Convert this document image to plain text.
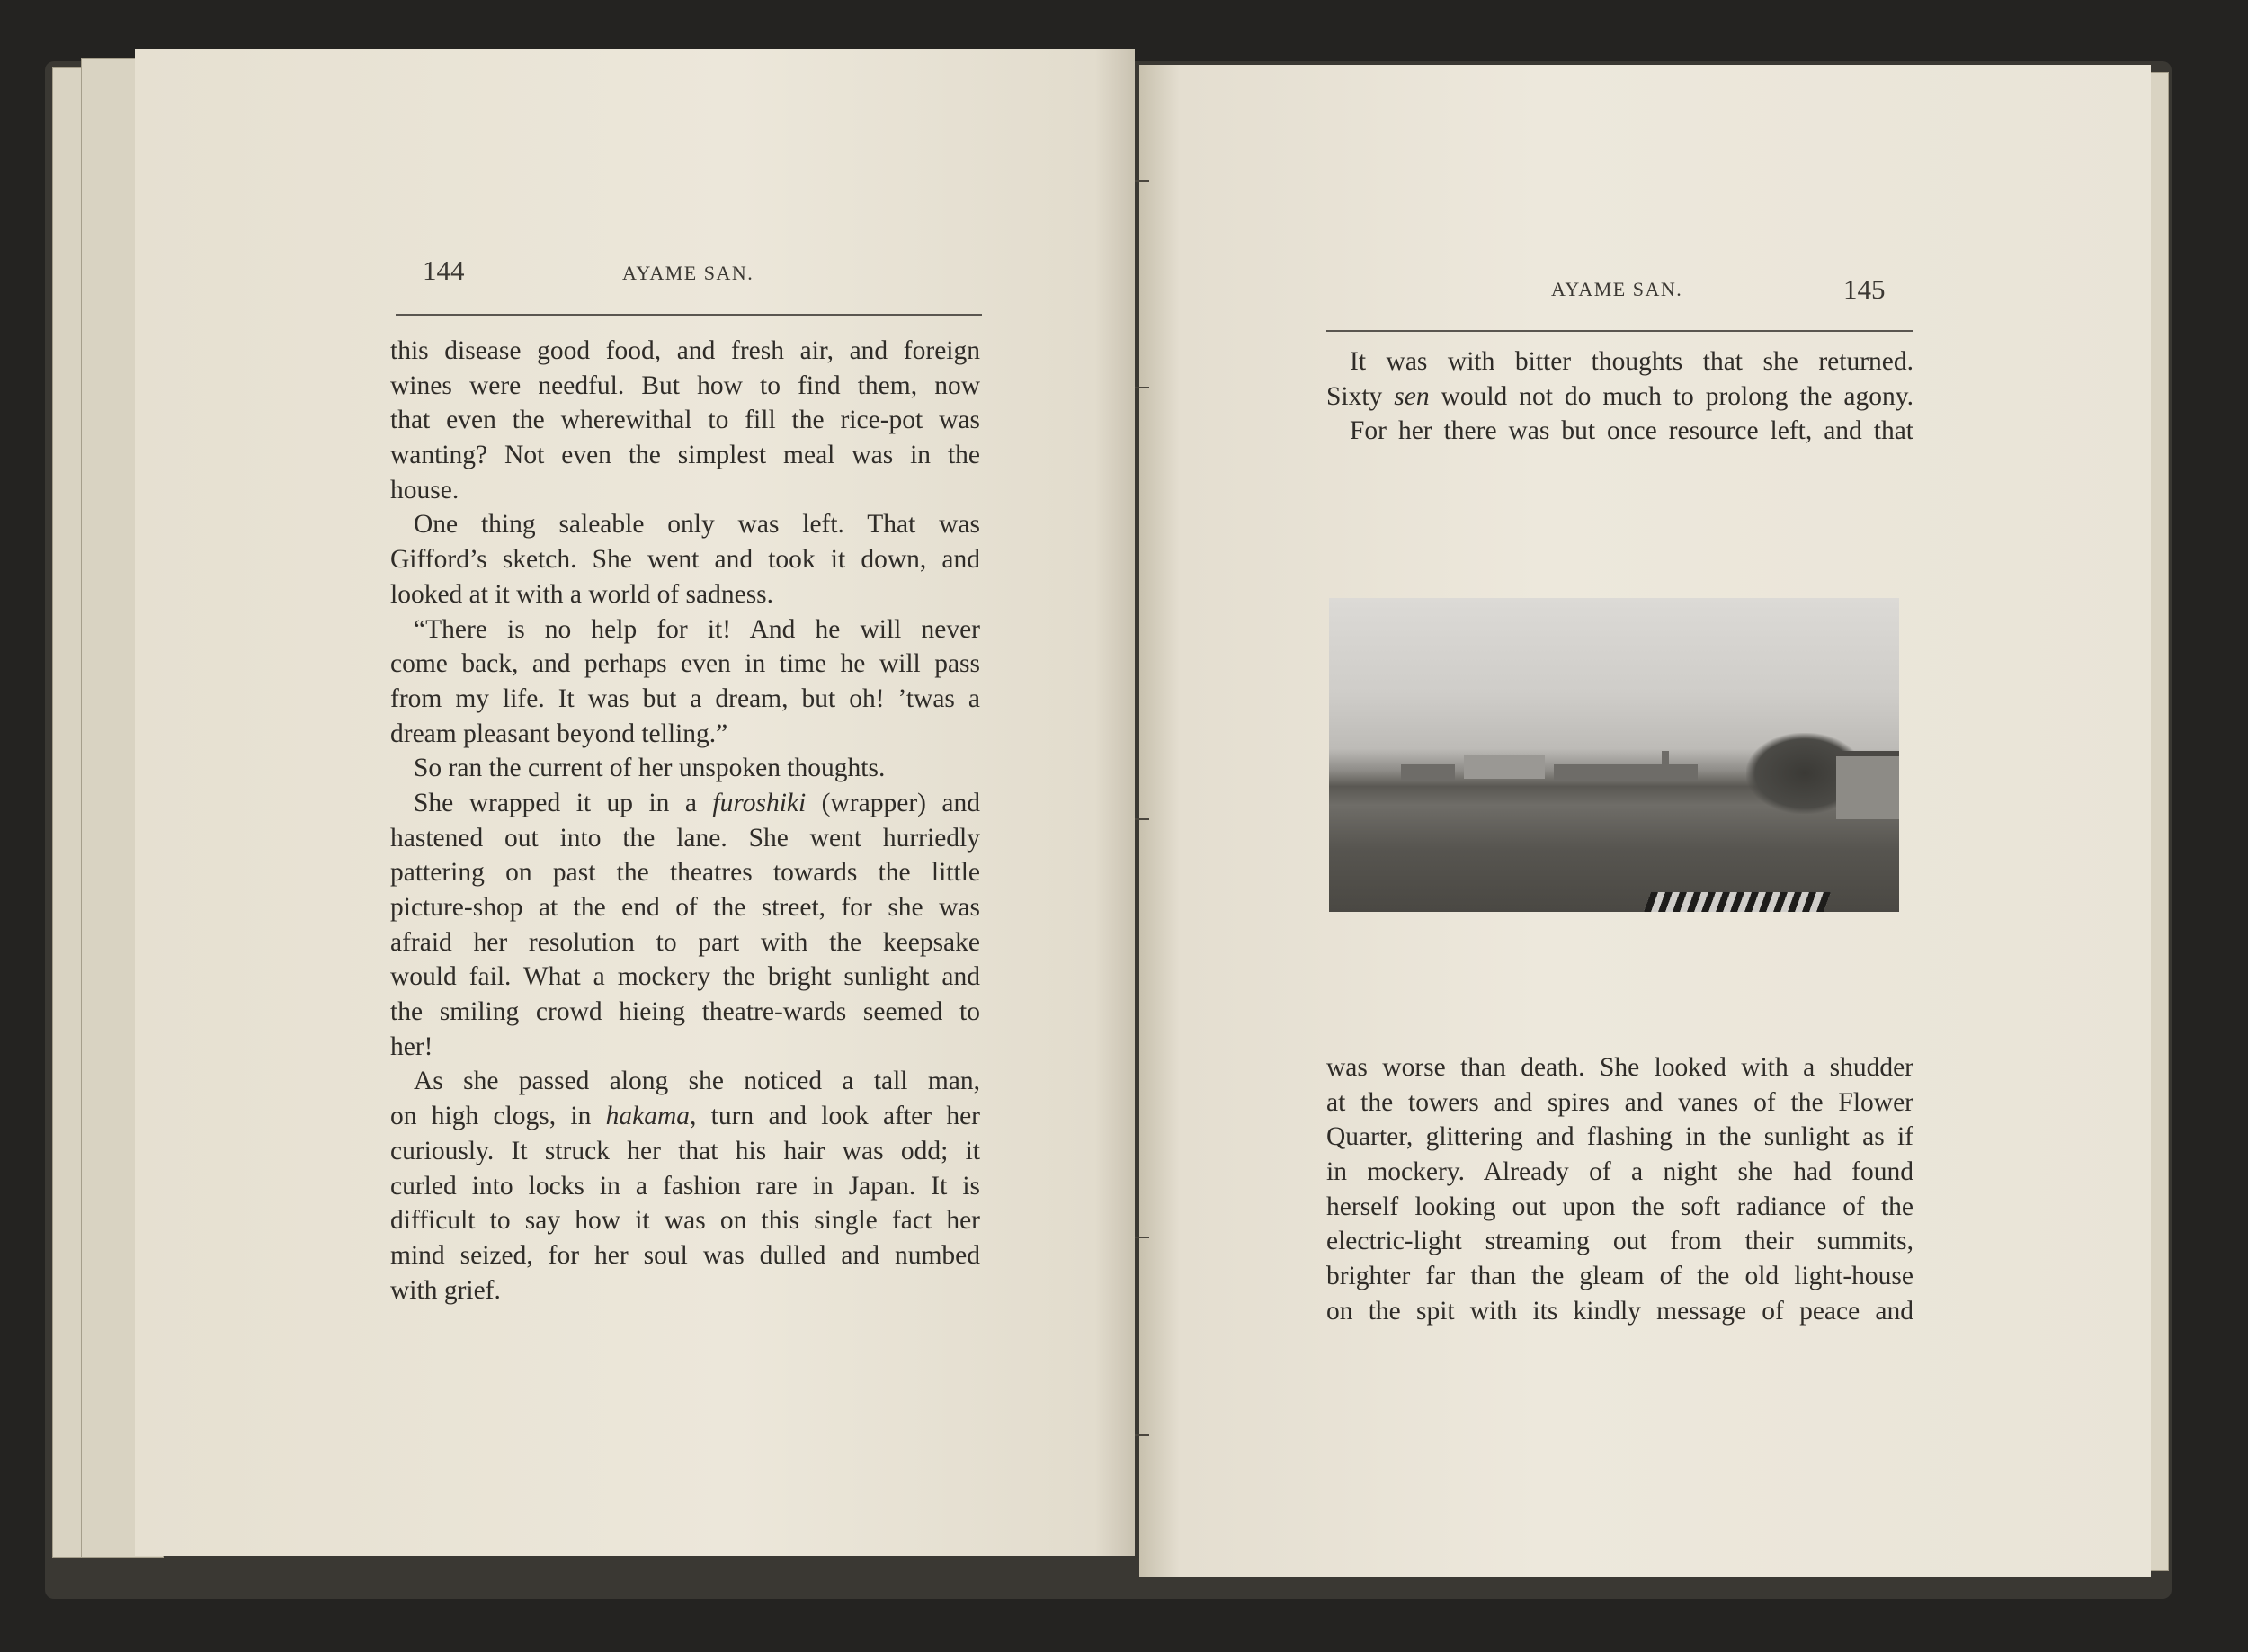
144	AYAME SAN.
this disease good food, and fresh air, and foreign
wines were needful. But how to find them, now
that even the wherewithal to fill the rice-pot was
wanting? Not even the simplest meal was in the
house.
One thing saleable only was left. That was
Gifford’s sketch. She went and took it down, and
looked at it with a world of sadness.
“There is no help for it! And he will never
come back, and perhaps even in time he will pass
from my life. It was but a dream, but oh! ’twas a
dream pleasant beyond telling.”
So ran the current of her unspoken thoughts.
She wrapped it up in a furoshiki (wrapper) and
hastened out into the lane. She went hurriedly
pattering on past the theatres towards the little
picture-shop at the end of the street, for she was
afraid her resolution to part with the keepsake
would fail. What a mockery the bright sunlight and
the smiling crowd hieing theatre-wards seemed to
her!
As she passed along she noticed a tall man,
on high clogs, in hakama, turn and look after her
curiously. It struck her that his hair was odd; it
curled into locks in a fashion rare in Japan. It is
difficult to say how it was on this single fact her
mind seized, for her soul was dulled and numbed
with grief.
AYAME SAN.	145
It was with bitter thoughts that she returned.
Sixty sen would not do much to prolong the agony.
For her there was but once resource left, and that
was worse than death. She looked with a shudder
at the towers and spires and vanes of the Flower
Quarter, glittering and flashing in the sunlight as if
in mockery. Already of a night she had found
herself looking out upon the soft radiance of the
electric-light streaming out from their summits,
brighter far than the gleam of the old light-house
on the spit with its kindly message of peace and
